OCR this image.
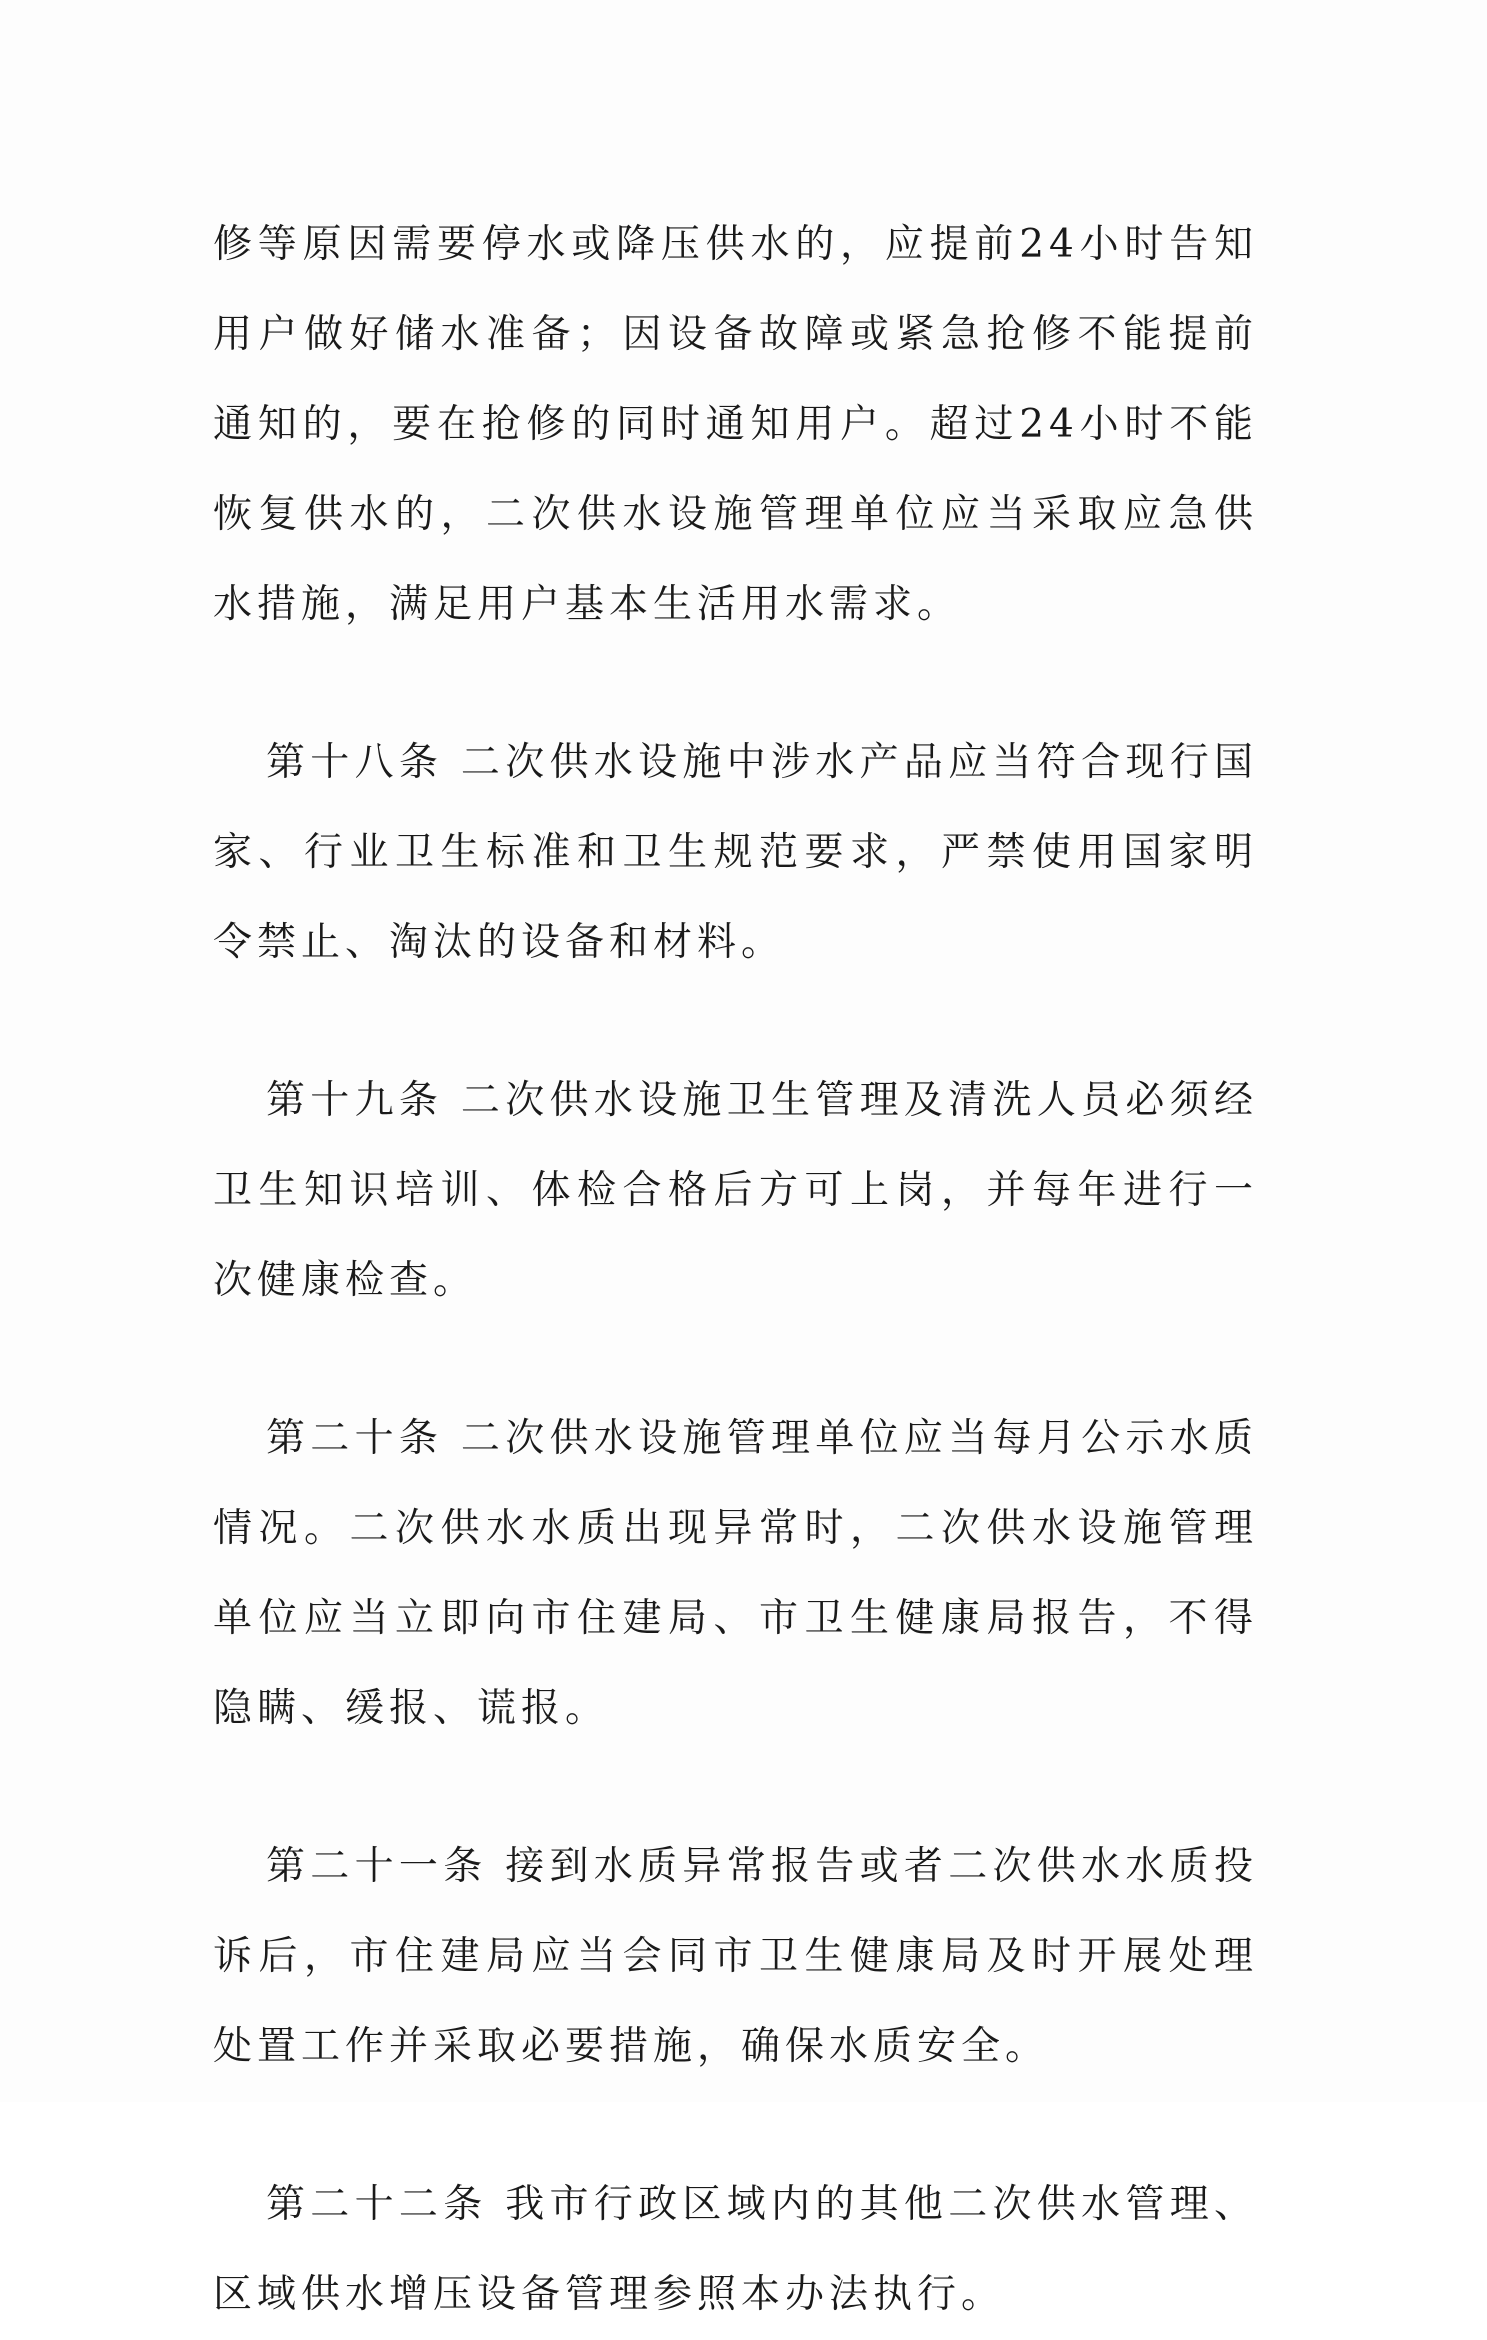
修等原因需要停水或降压供水的，应提前24小时告知用户做好储水准备；因设备故障或紧急抢修不能提前通知的，要在抢修的同时通知用户。超过24小时不能恢复供水的，二次供水设施管理单位应当采取应急供水措施，满足用户基本生活用水需求。

第十八条 二次供水设施中涉水产品应当符合现行国家、行业卫生标准和卫生规范要求，严禁使用国家明令禁止、淘汰的设备和材料。

第十九条 二次供水设施卫生管理及清洗人员必须经卫生知识培训、体检合格后方可上岗，并每年进行一次健康检查。

第二十条 二次供水设施管理单位应当每月公示水质情况。二次供水水质出现异常时，二次供水设施管理单位应当立即向市住建局、市卫生健康局报告，不得隐瞒、缓报、谎报。

第二十一条 接到水质异常报告或者二次供水水质投诉后，市住建局应当会同市卫生健康局及时开展处理处置工作并采取必要措施，确保水质安全。

第二十二条 我市行政区域内的其他二次供水管理、区域供水增压设备管理参照本办法执行。
